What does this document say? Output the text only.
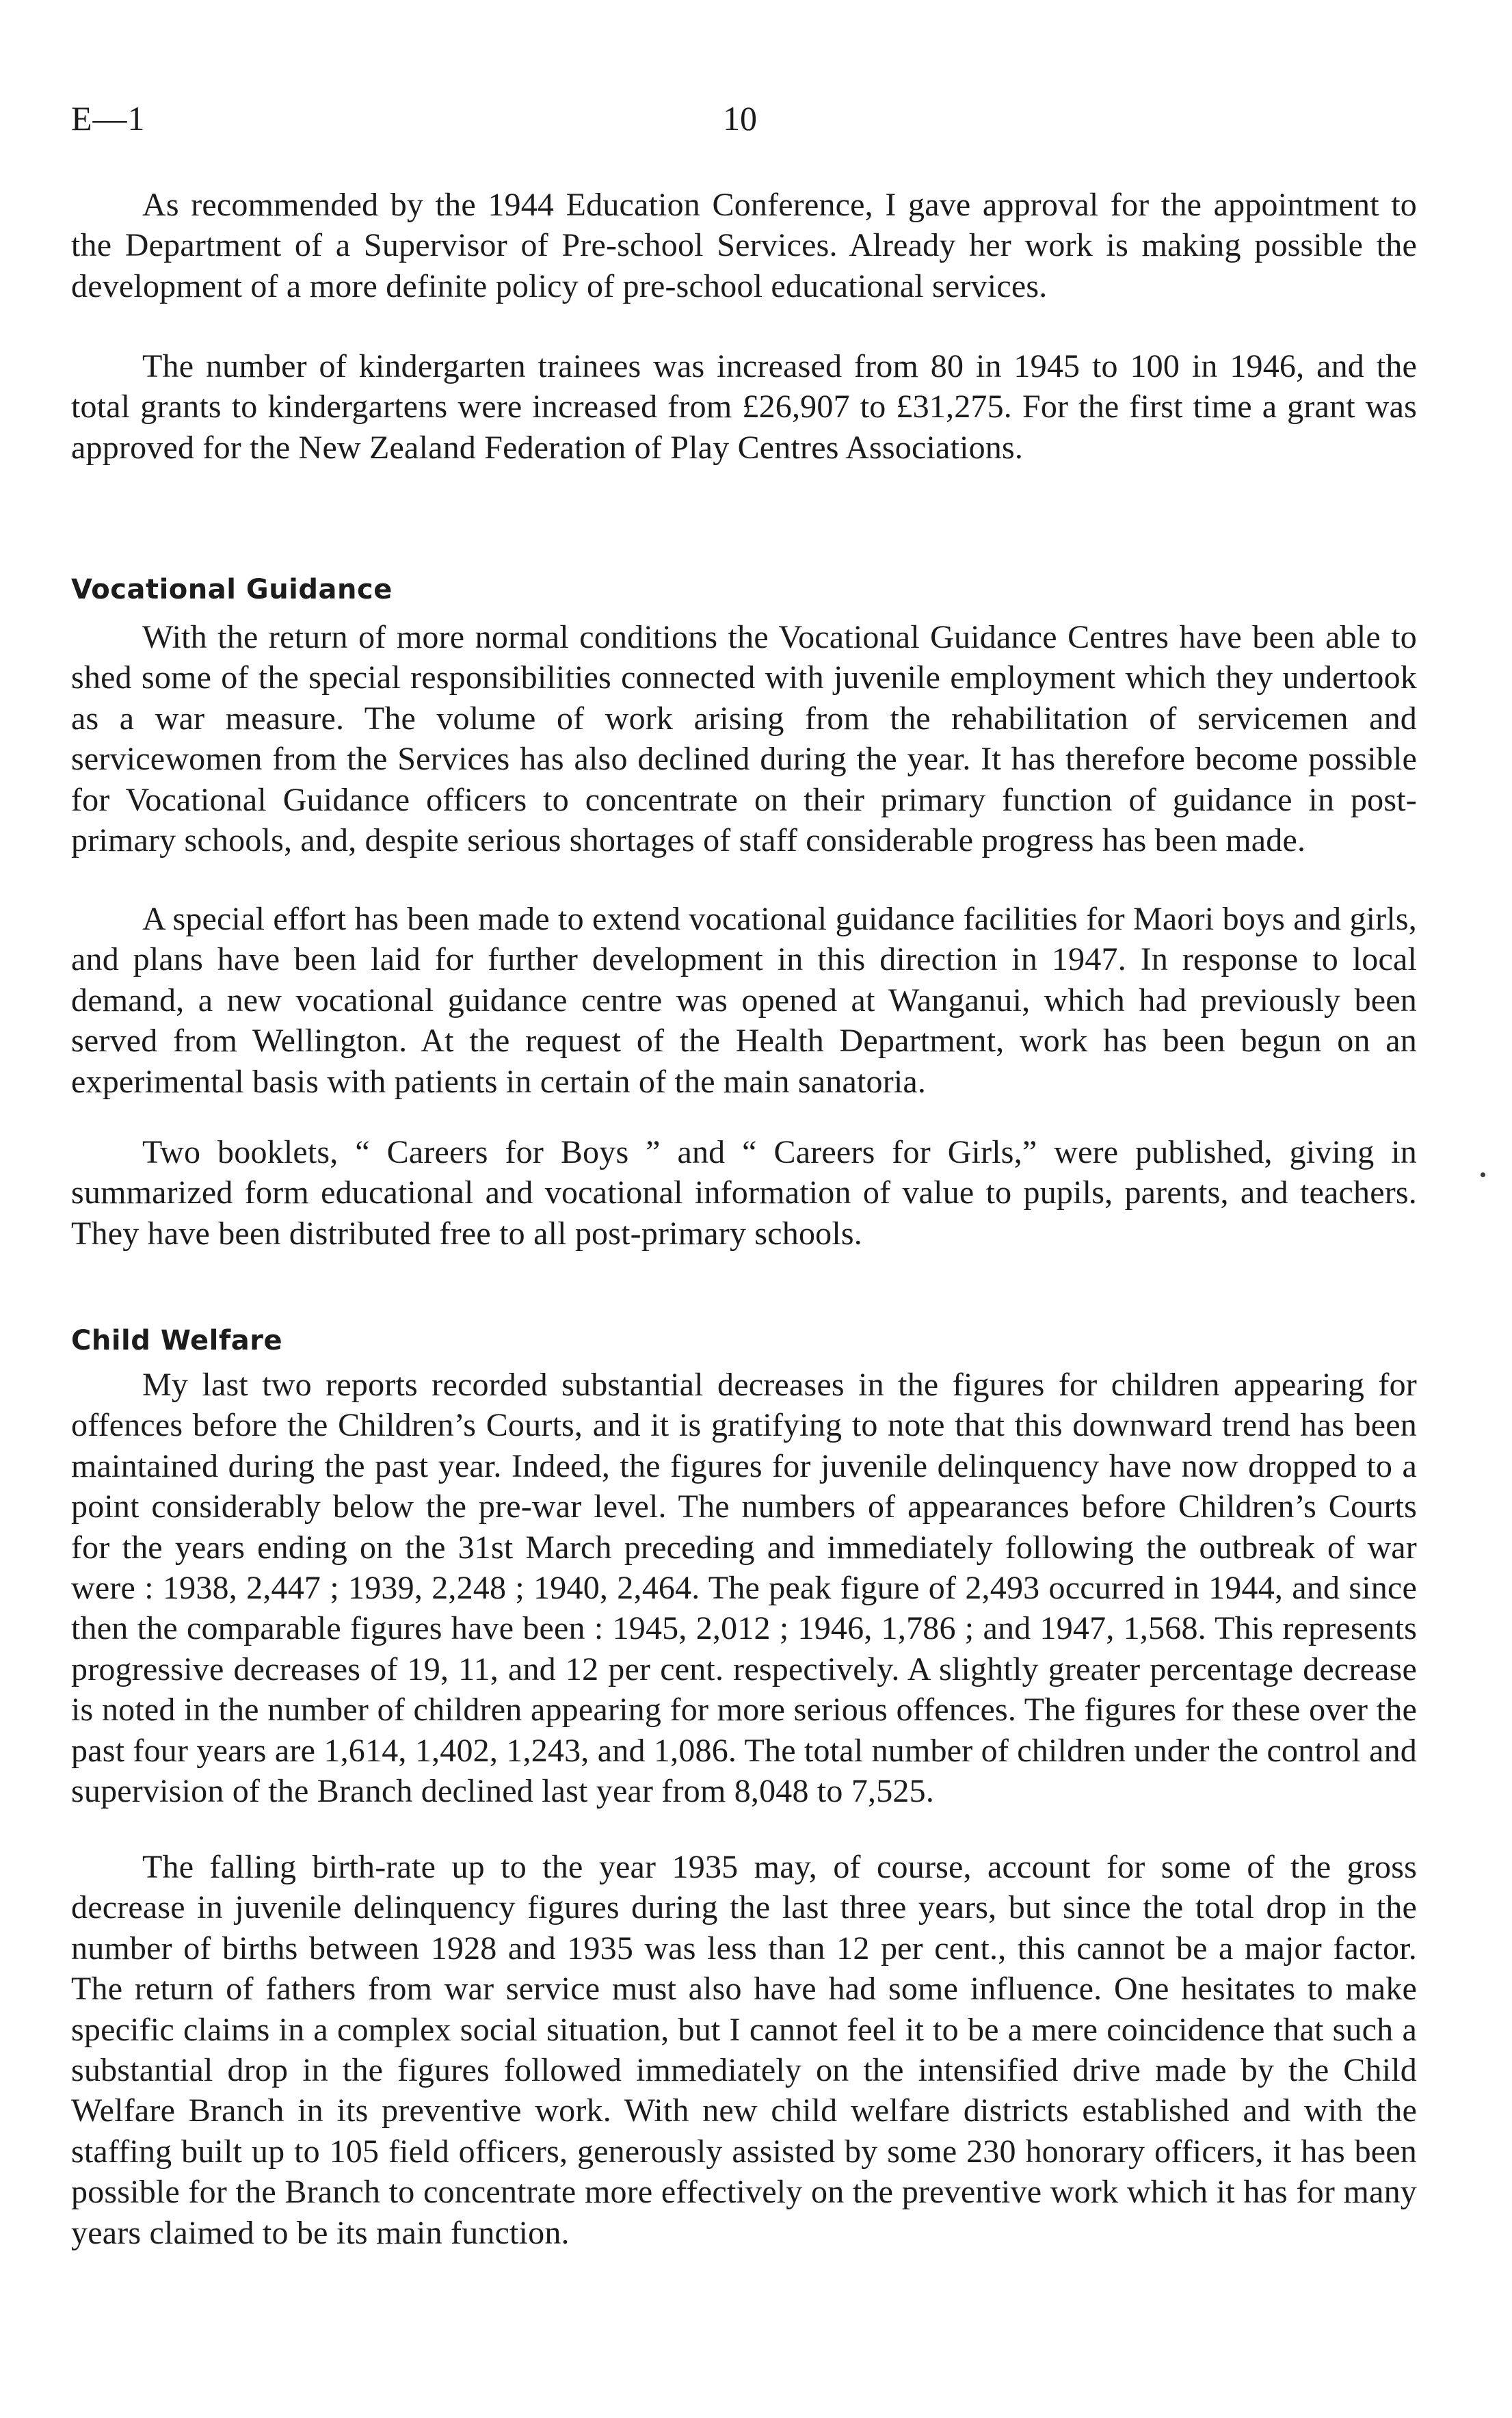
E—1	10

As recommended by the 1944 Education Conference, I gave approval for the appointment to the Department of a Supervisor of Pre-school Services. Already her work is making possible the development of a more definite policy of pre-school educational services.

The number of kindergarten trainees was increased from 80 in 1945 to 100 in 1946, and the total grants to kindergartens were increased from £26,907 to £31,275. For the first time a grant was approved for the New Zealand Federation of Play Centres Associations.

Vocational Guidance

With the return of more normal conditions the Vocational Guidance Centres have been able to shed some of the special responsibilities connected with juvenile employment which they undertook as a war measure. The volume of work arising from the rehabilitation of servicemen and servicewomen from the Services has also declined during the year. It has therefore become possible for Vocational Guidance officers to concentrate on their primary function of guidance in post-primary schools, and, despite serious shortages of staff considerable progress has been made.

A special effort has been made to extend vocational guidance facilities for Maori boys and girls, and plans have been laid for further development in this direction in 1947. In response to local demand, a new vocational guidance centre was opened at Wanganui, which had previously been served from Wellington. At the request of the Health Department, work has been begun on an experimental basis with patients in certain of the main sanatoria.

Two booklets, “ Careers for Boys ” and “ Careers for Girls,” were published, giving in summarized form educational and vocational information of value to pupils, parents, and teachers. They have been distributed free to all post-primary schools.

Child Welfare

My last two reports recorded substantial decreases in the figures for children appearing for offences before the Children’s Courts, and it is gratifying to note that this downward trend has been maintained during the past year. Indeed, the figures for juvenile delinquency have now dropped to a point considerably below the pre-war level. The numbers of appearances before Children’s Courts for the years ending on the 31st March preceding and immediately following the outbreak of war were : 1938, 2,447 ; 1939, 2,248 ; 1940, 2,464. The peak figure of 2,493 occurred in 1944, and since then the comparable figures have been : 1945, 2,012 ; 1946, 1,786 ; and 1947, 1,568. This represents progressive decreases of 19, 11, and 12 per cent. respectively. A slightly greater percentage decrease is noted in the number of children appearing for more serious offences. The figures for these over the past four years are 1,614, 1,402, 1,243, and 1,086. The total number of children under the control and supervision of the Branch declined last year from 8,048 to 7,525.

The falling birth-rate up to the year 1935 may, of course, account for some of the gross decrease in juvenile delinquency figures during the last three years, but since the total drop in the number of births between 1928 and 1935 was less than 12 per cent., this cannot be a major factor. The return of fathers from war service must also have had some influence. One hesitates to make specific claims in a complex social situation, but I cannot feel it to be a mere coincidence that such a substantial drop in the figures followed immediately on the intensified drive made by the Child Welfare Branch in its preventive work. With new child welfare districts established and with the staffing built up to 105 field officers, generously assisted by some 230 honorary officers, it has been possible for the Branch to concentrate more effectively on the preventive work which it has for many years claimed to be its main function.
